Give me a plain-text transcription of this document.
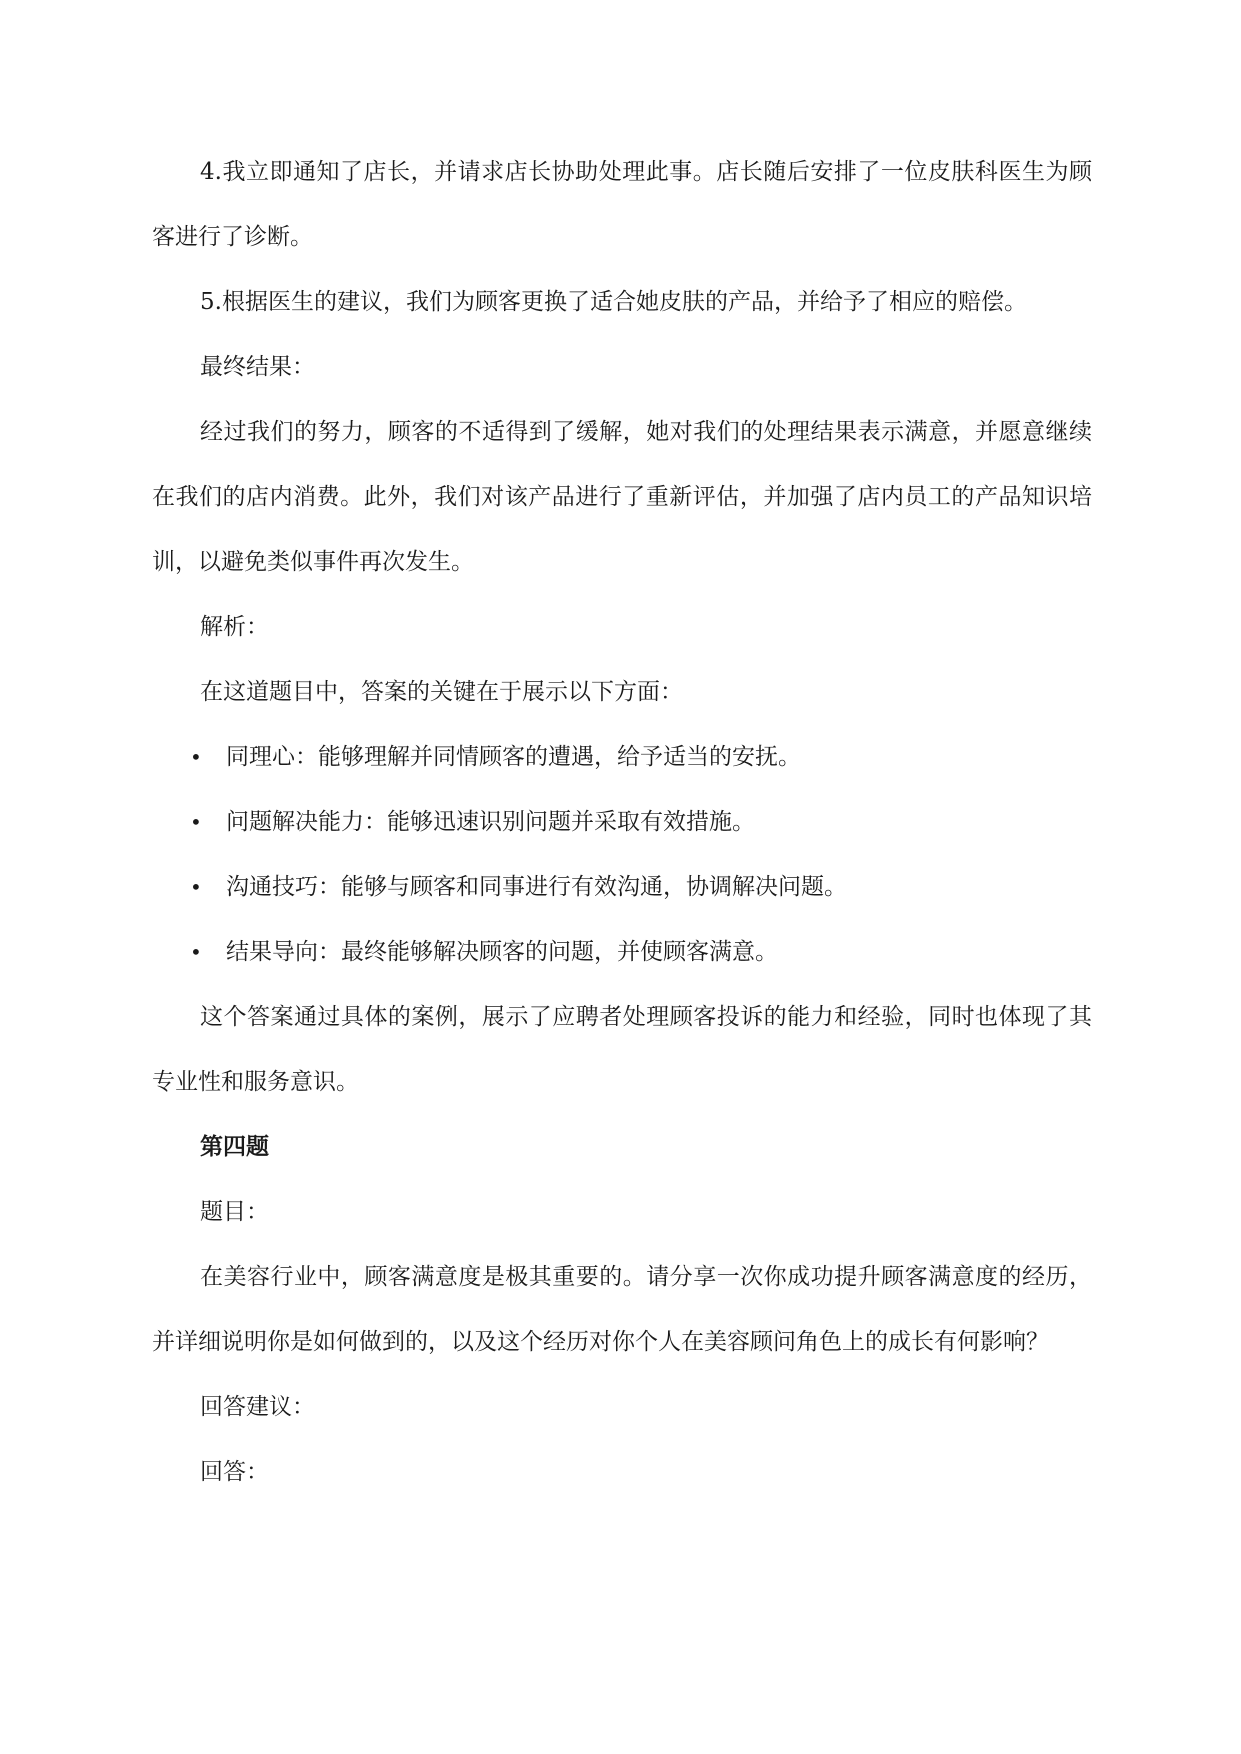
4.我立即通知了店长，并请求店长协助处理此事。店长随后安排了一位皮肤科医生为顾客进行了诊断。

5.根据医生的建议，我们为顾客更换了适合她皮肤的产品，并给予了相应的赔偿。

最终结果：

经过我们的努力，顾客的不适得到了缓解，她对我们的处理结果表示满意，并愿意继续在我们的店内消费。此外，我们对该产品进行了重新评估，并加强了店内员工的产品知识培训，以避免类似事件再次发生。

解析：

在这道题目中，答案的关键在于展示以下方面：

• 同理心：能够理解并同情顾客的遭遇，给予适当的安抚。
• 问题解决能力：能够迅速识别问题并采取有效措施。
• 沟通技巧：能够与顾客和同事进行有效沟通，协调解决问题。
• 结果导向：最终能够解决顾客的问题，并使顾客满意。

这个答案通过具体的案例，展示了应聘者处理顾客投诉的能力和经验，同时也体现了其专业性和服务意识。

第四题

题目：

在美容行业中，顾客满意度是极其重要的。请分享一次你成功提升顾客满意度的经历，并详细说明你是如何做到的，以及这个经历对你个人在美容顾问角色上的成长有何影响？

回答建议：

回答：
